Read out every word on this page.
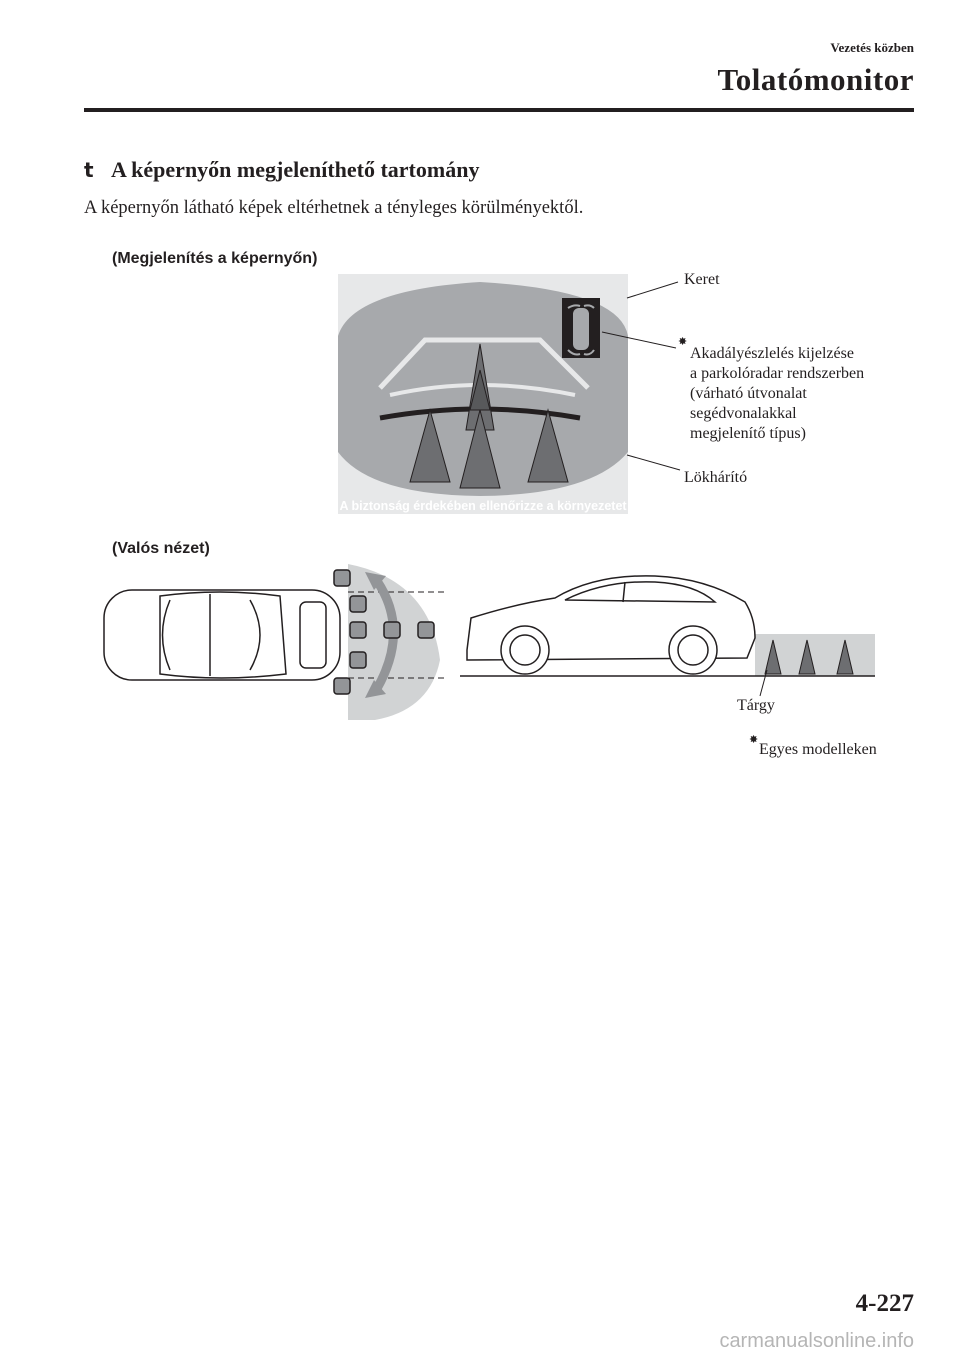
Vezetés közben
Tolatómonitor
t A képernyőn megjeleníthető tartomány
A képernyőn látható képek eltérhetnek a tényleges körülményektől.
(Megjelenítés a képernyőn)
A biztonság érdekében ellenőrizze a környezetet
Keret
✸
Akadályészlelés kijelzése
a parkolóradar rendszerben
(várható útvonalat
segédvonalakkal
megjelenítő típus)
Lökhárító
(Valós nézet)
Tárgy
✸
Egyes modelleken
4-227
carmanualsonline.info
